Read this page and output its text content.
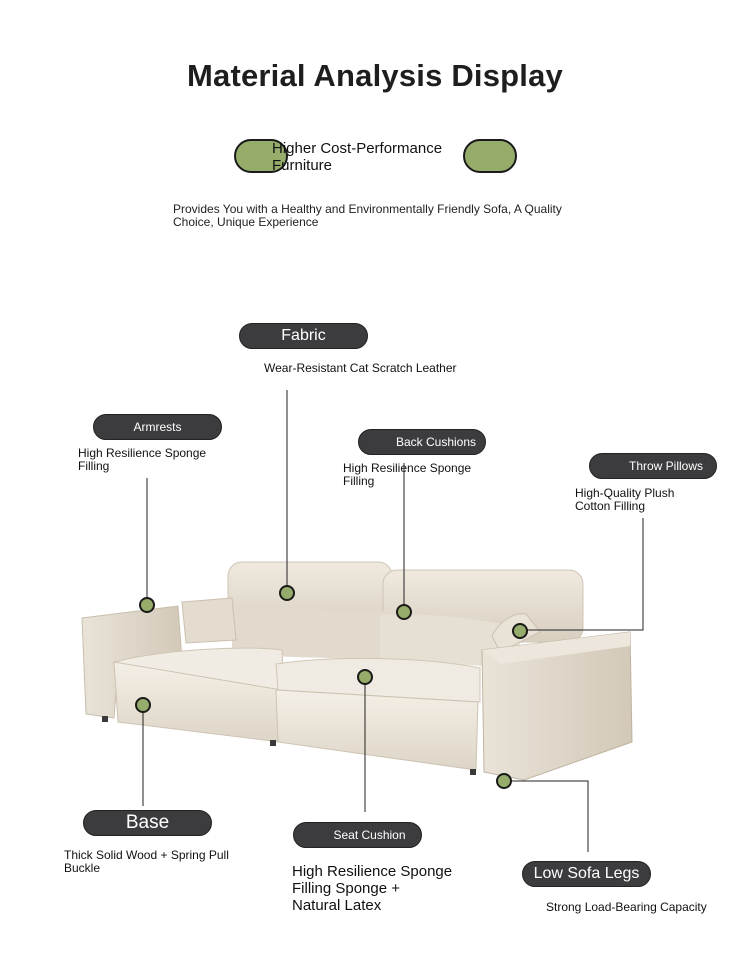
Material Analysis Display
Higher Cost-Performance
Furniture
Provides You with a Healthy and Environmentally Friendly Sofa, A Quality
Choice, Unique Experience
Fabric
Wear-Resistant Cat Scratch Leather
Armrests
High Resilience Sponge
Filling
Back Cushions
High Resilience Sponge
Filling
Throw Pillows
High-Quality Plush
Cotton Filling
Base
Thick Solid Wood + Spring Pull
Buckle
Seat Cushion
High Resilience Sponge
Filling Sponge +
Natural Latex
Low Sofa Legs
Strong Load-Bearing Capacity
